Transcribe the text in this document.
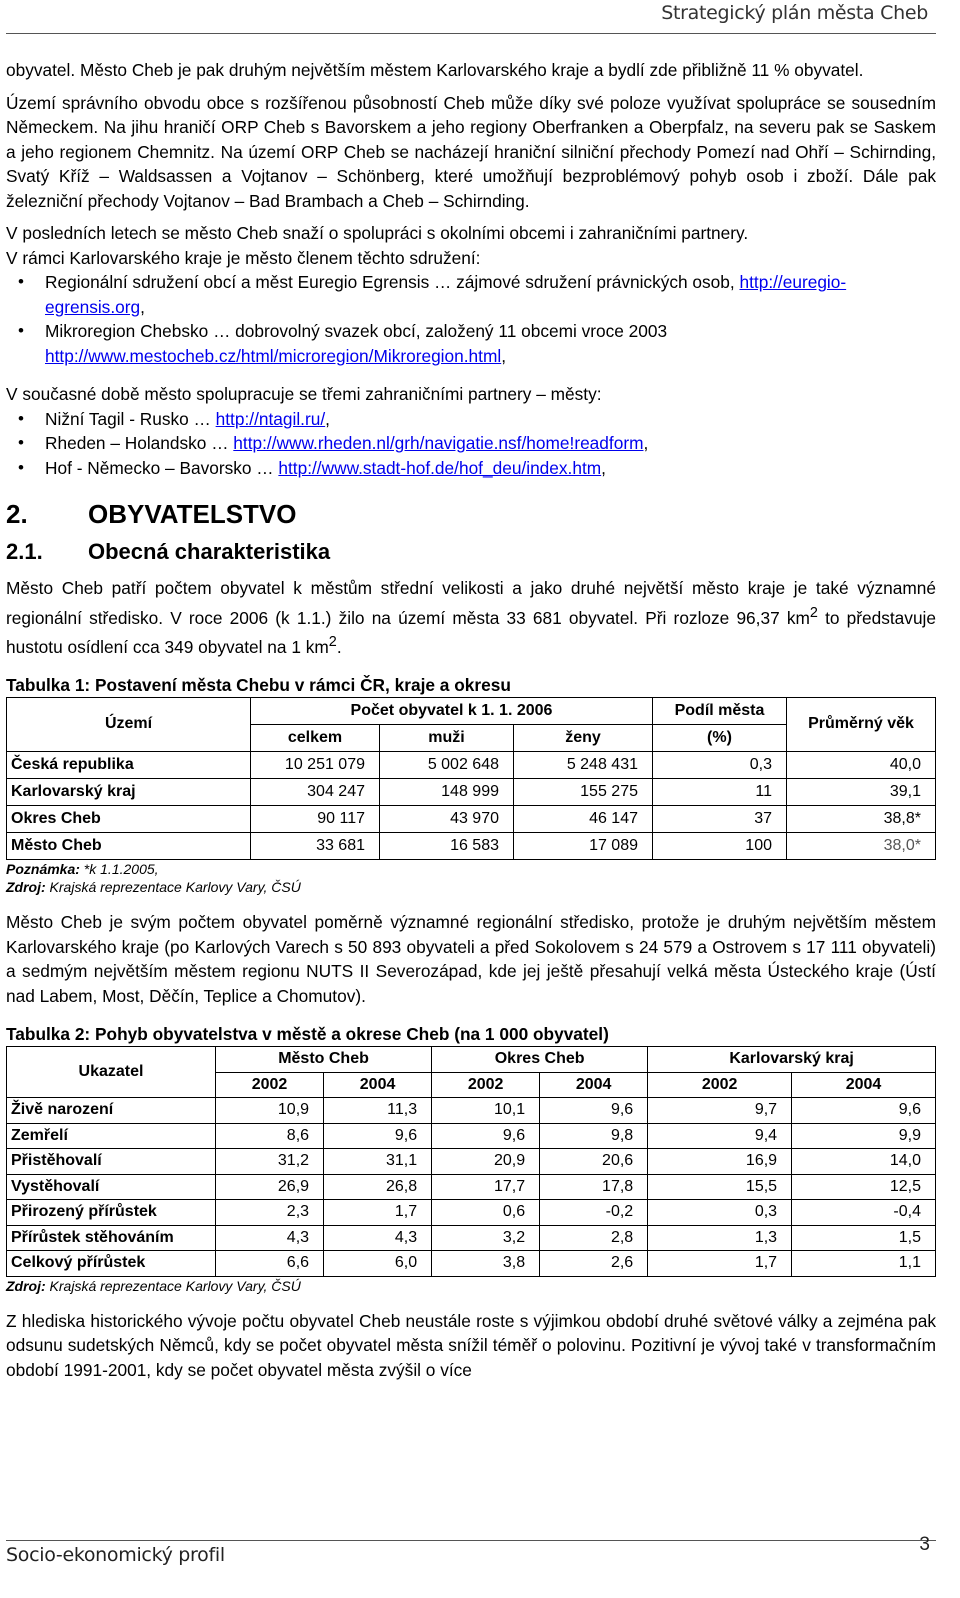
Strategický plán města Cheb

obyvatel. Město Cheb je pak druhým největším městem Karlovarského kraje a bydlí zde přibližně 11 % obyvatel.

Území správního obvodu obce s rozšířenou působností Cheb může díky své poloze využívat spolupráce se sousedním Německem. Na jihu hraničí ORP Cheb s Bavorskem a jeho regiony Oberfranken a Oberpfalz, na severu pak se Saskem a jeho regionem Chemnitz. Na území ORP Cheb se nacházejí hraniční silniční přechody Pomezí nad Ohří – Schirnding, Svatý Kříž – Waldsassen a Vojtanov – Schönberg, které umožňují bezproblémový pohyb osob i zboží. Dále pak železniční přechody Vojtanov – Bad Brambach a Cheb – Schirnding.

V posledních letech se město Cheb snaží o spolupráci s okolními obcemi i zahraničními partnery.

V rámci Karlovarského kraje je město členem těchto sdružení:

• Regionální sdružení obcí a měst Euregio Egrensis … zájmové sdružení právnických osob, http://euregio-egrensis.org,
• Mikroregion Chebsko … dobrovolný svazek obcí, založený 11 obcemi vroce 2003 http://www.mestocheb.cz/html/microregion/Mikroregion.html,

V současné době město spolupracuje se třemi zahraničními partnery – městy:

• Nižní Tagil - Rusko … http://ntagil.ru/,
• Rheden – Holandsko … http://www.rheden.nl/grh/navigatie.nsf/home!readform,
• Hof - Německo – Bavorsko … http://www.stadt-hof.de/hof_deu/index.htm,
2. OBYVATELSTVO
2.1. Obecná charakteristika

Město Cheb patří počtem obyvatel k městům střední velikosti a jako druhé největší město kraje je také významné regionální středisko. V roce 2006 (k 1.1.) žilo na území města 33 681 obyvatel. Při rozloze 96,37 $km^2$ to představuje hustotu osídlení cca 349 obyvatel na 1 $km^2$.

Tabulka 1: Postavení města Chebu v rámci ČR, kraje a okresu
Území	Počet obyvatel k 1. 1. 2006			Podíl města	Průměrný věk
	celkem	muži	ženy	(%)	
Česká republika	10 251 079	5 002 648	5 248 431	0,3	40,0
Karlovarský kraj	304 247	148 999	155 275	11	39,1
Okres Cheb	90 117	43 970	46 147	37	38,8*
Město Cheb	33 681	16 583	17 089	100	38,0*
Poznámka: *k 1.1.2005,
Zdroj: Krajská reprezentace Karlovy Vary, ČSÚ

Město Cheb je svým počtem obyvatel poměrně významné regionální středisko, protože je druhým největším městem Karlovarského kraje (po Karlových Varech s 50 893 obyvateli a před Sokolovem s 24 579 a Ostrovem s 17 111 obyvateli) a sedmým největším městem regionu NUTS II Severozápad, kde jej ještě přesahují velká města Ústeckého kraje (Ústí nad Labem, Most, Děčín, Teplice a Chomutov).

Tabulka 2: Pohyb obyvatelstva v městě a okrese Cheb (na 1 000 obyvatel)
Ukazatel	Město Cheb		Okres Cheb		Karlovarský kraj	
	2002	2004	2002	2004	2002	2004
Živě narození	10,9	11,3	10,1	9,6	9,7	9,6
Zemřelí	8,6	9,6	9,6	9,8	9,4	9,9
Přistěhovalí	31,2	31,1	20,9	20,6	16,9	14,0
Vystěhovalí	26,9	26,8	17,7	17,8	15,5	12,5
Přirozený přírůstek	2,3	1,7	0,6	-0,2	0,3	-0,4
Přírůstek stěhováním	4,3	4,3	3,2	2,8	1,3	1,5
Celkový přírůstek	6,6	6,0	3,8	2,6	1,7	1,1
Zdroj: Krajská reprezentace Karlovy Vary, ČSÚ

Z hlediska historického vývoje počtu obyvatel Cheb neustále roste s výjimkou období druhé světové války a zejména pak odsunu sudetských Němců, kdy se počet obyvatel města snížil téměř o polovinu. Pozitivní je vývoj také v transformačním období 1991-2001, kdy se počet obyvatel města zvýšil o více

Socio-ekonomický profil	3
